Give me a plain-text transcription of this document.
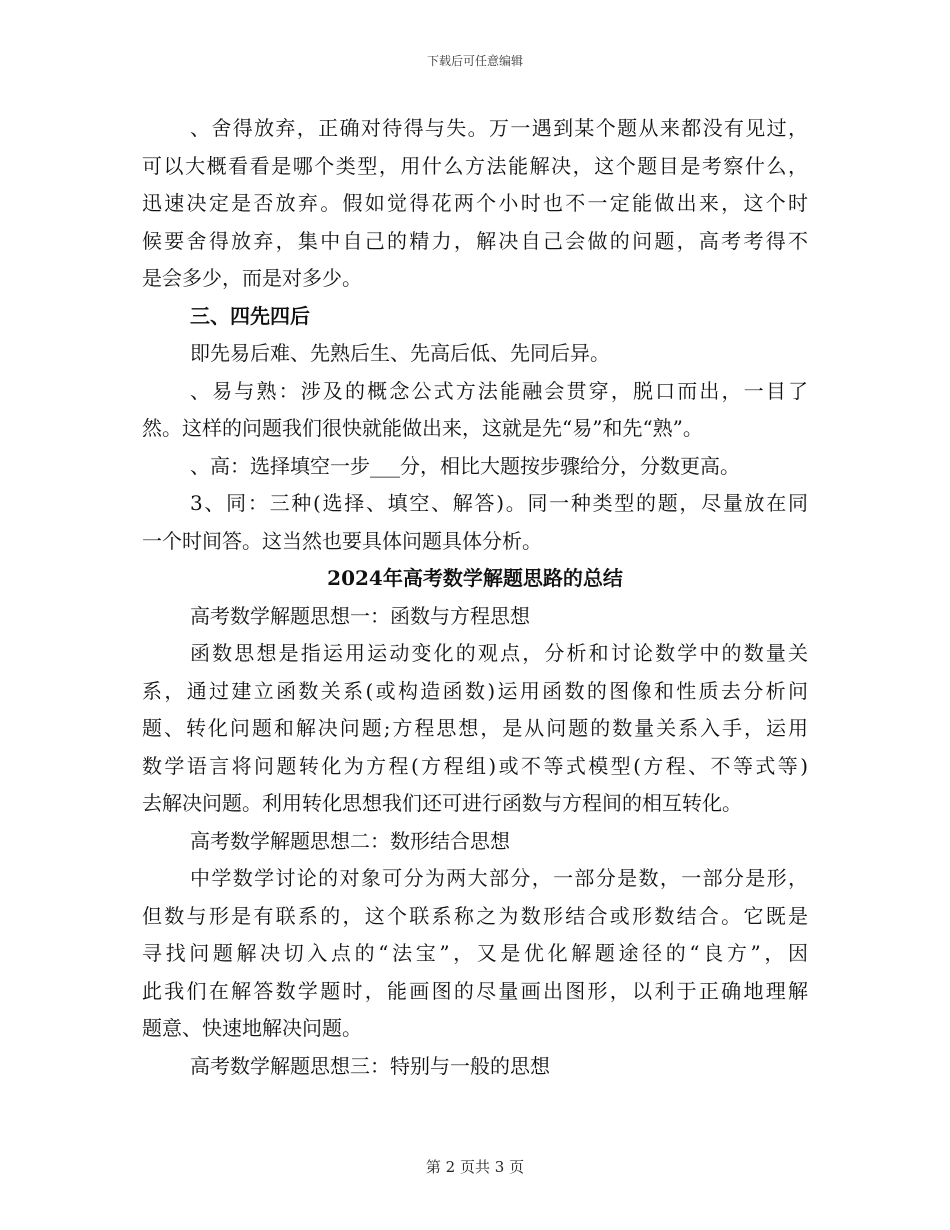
下载后可任意编辑
、舍得放弃，正确对待得与失。万一遇到某个题从来都没有见过，
可以大概看看是哪个类型，用什么方法能解决，这个题目是考察什么，
迅速决定是否放弃。假如觉得花两个小时也不一定能做出来，这个时
候要舍得放弃，集中自己的精力，解决自己会做的问题，高考考得不
是会多少，而是对多少。
三、四先四后
即先易后难、先熟后生、先高后低、先同后异。
、易与熟：涉及的概念公式方法能融会贯穿，脱口而出，一目了
然。这样的问题我们很快就能做出来，这就是先“易”和先“熟”。
、高：选择填空一步___分，相比大题按步骤给分，分数更高。
3、同：三种(选择、填空、解答)。同一种类型的题，尽量放在同
一个时间答。这当然也要具体问题具体分析。
2024年高考数学解题思路的总结
高考数学解题思想一：函数与方程思想
函数思想是指运用运动变化的观点，分析和讨论数学中的数量关
系，通过建立函数关系(或构造函数)运用函数的图像和性质去分析问
题、转化问题和解决问题;方程思想，是从问题的数量关系入手，运用
数学语言将问题转化为方程(方程组)或不等式模型(方程、不等式等)
去解决问题。利用转化思想我们还可进行函数与方程间的相互转化。
高考数学解题思想二：数形结合思想
中学数学讨论的对象可分为两大部分，一部分是数，一部分是形，
但数与形是有联系的，这个联系称之为数形结合或形数结合。它既是
寻找问题解决切入点的“法宝”，又是优化解题途径的“良方”，因
此我们在解答数学题时，能画图的尽量画出图形，以利于正确地理解
题意、快速地解决问题。
高考数学解题思想三：特别与一般的思想
第 2 页共 3 页
